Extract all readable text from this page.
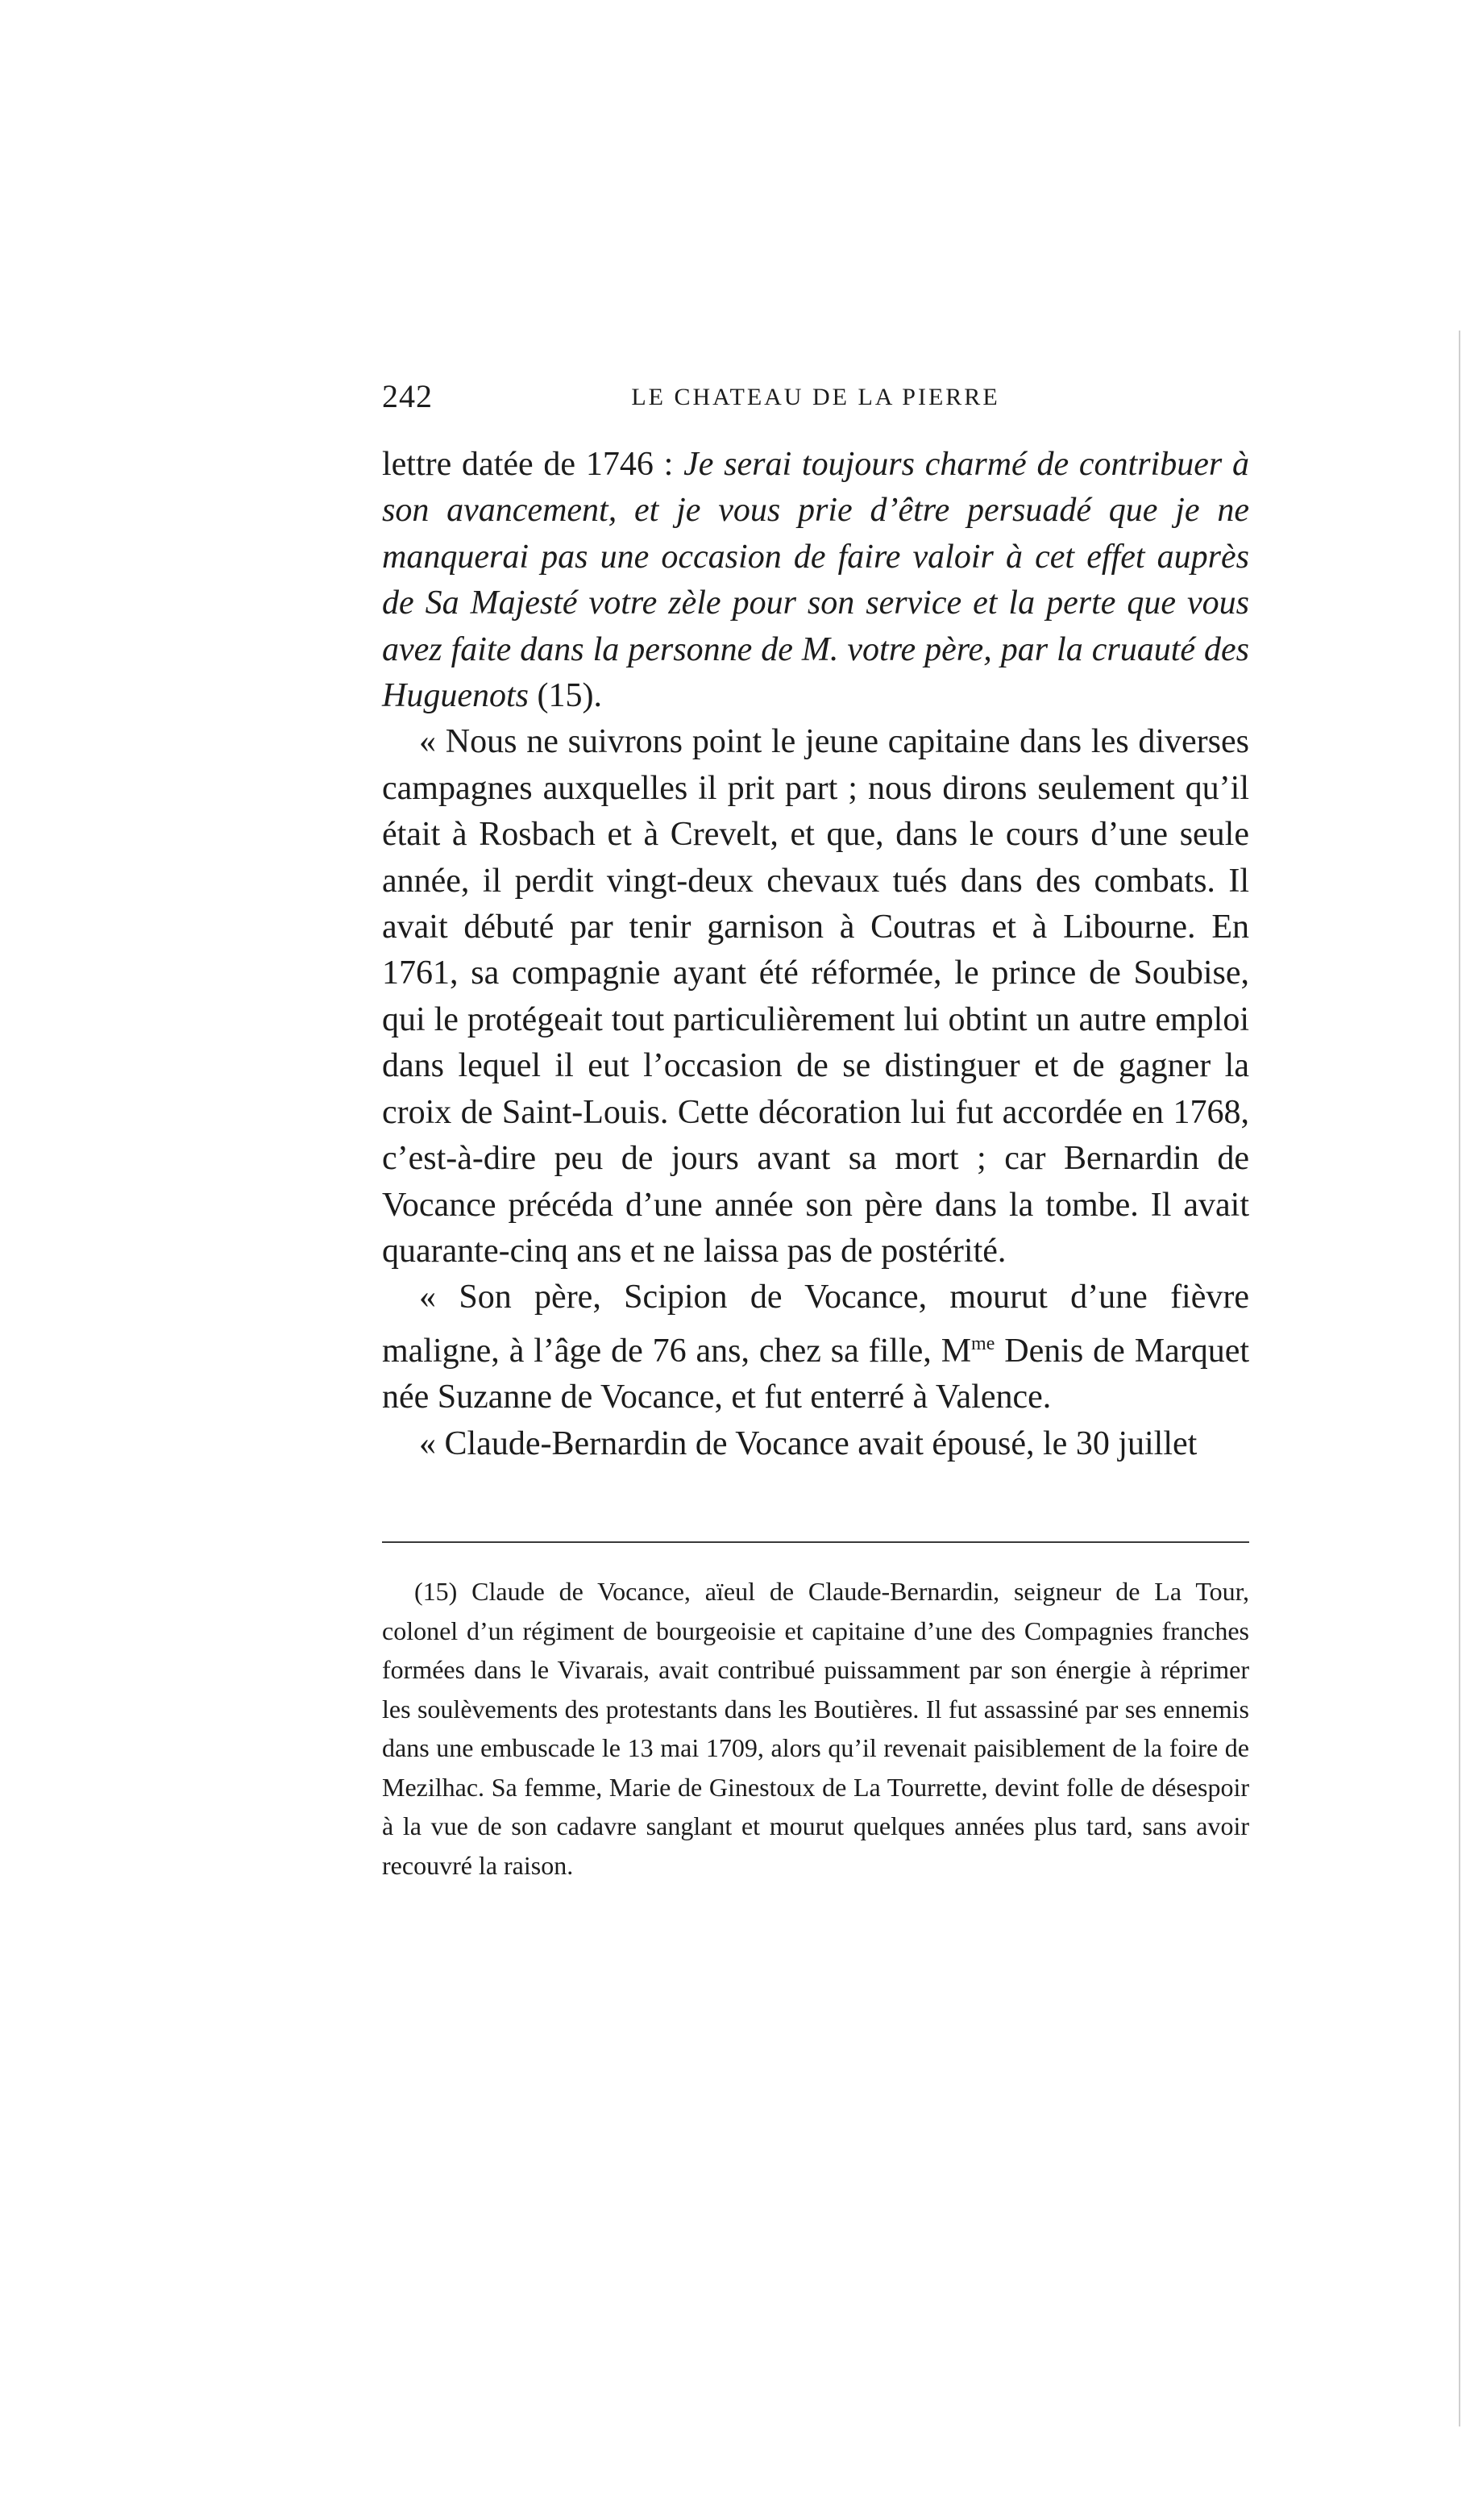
242	LE CHATEAU DE LA PIERRE

lettre datée de 1746 : Je serai toujours charmé de contribuer à son avancement, et je vous prie d’être persuadé que je ne manquerai pas une occasion de faire valoir à cet effet auprès de Sa Majesté votre zèle pour son service et la perte que vous avez faite dans la personne de M. votre père, par la cruauté des Huguenots (15).

« Nous ne suivrons point le jeune capitaine dans les diverses campagnes auxquelles il prit part ; nous dirons seulement qu’il était à Rosbach et à Crevelt, et que, dans le cours d’une seule année, il perdit vingt-deux chevaux tués dans des combats. Il avait débuté par tenir garnison à Coutras et à Libourne. En 1761, sa compagnie ayant été réformée, le prince de Soubise, qui le protégeait tout particulièrement lui obtint un autre emploi dans lequel il eut l’occasion de se distinguer et de gagner la croix de Saint-Louis. Cette décoration lui fut accordée en 1768, c’est-à-dire peu de jours avant sa mort ; car Bernardin de Vocance précéda d’une année son père dans la tombe. Il avait quarante-cinq ans et ne laissa pas de postérité.

« Son père, Scipion de Vocance, mourut d’une fièvre maligne, à l’âge de 76 ans, chez sa fille, $M^{me}$ Denis de Marquet née Suzanne de Vocance, et fut enterré à Valence.

« Claude-Bernardin de Vocance avait épousé, le 30 juillet

(15) Claude de Vocance, aïeul de Claude-Bernardin, seigneur de La Tour, colonel d’un régiment de bourgeoisie et capitaine d’une des Compagnies franches formées dans le Vivarais, avait contribué puissamment par son énergie à réprimer les soulèvements des protestants dans les Boutières. Il fut assassiné par ses ennemis dans une embuscade le 13 mai 1709, alors qu’il revenait paisiblement de la foire de Mezilhac. Sa femme, Marie de Ginestoux de La Tourrette, devint folle de désespoir à la vue de son cadavre sanglant et mourut quelques années plus tard, sans avoir recouvré la raison.
